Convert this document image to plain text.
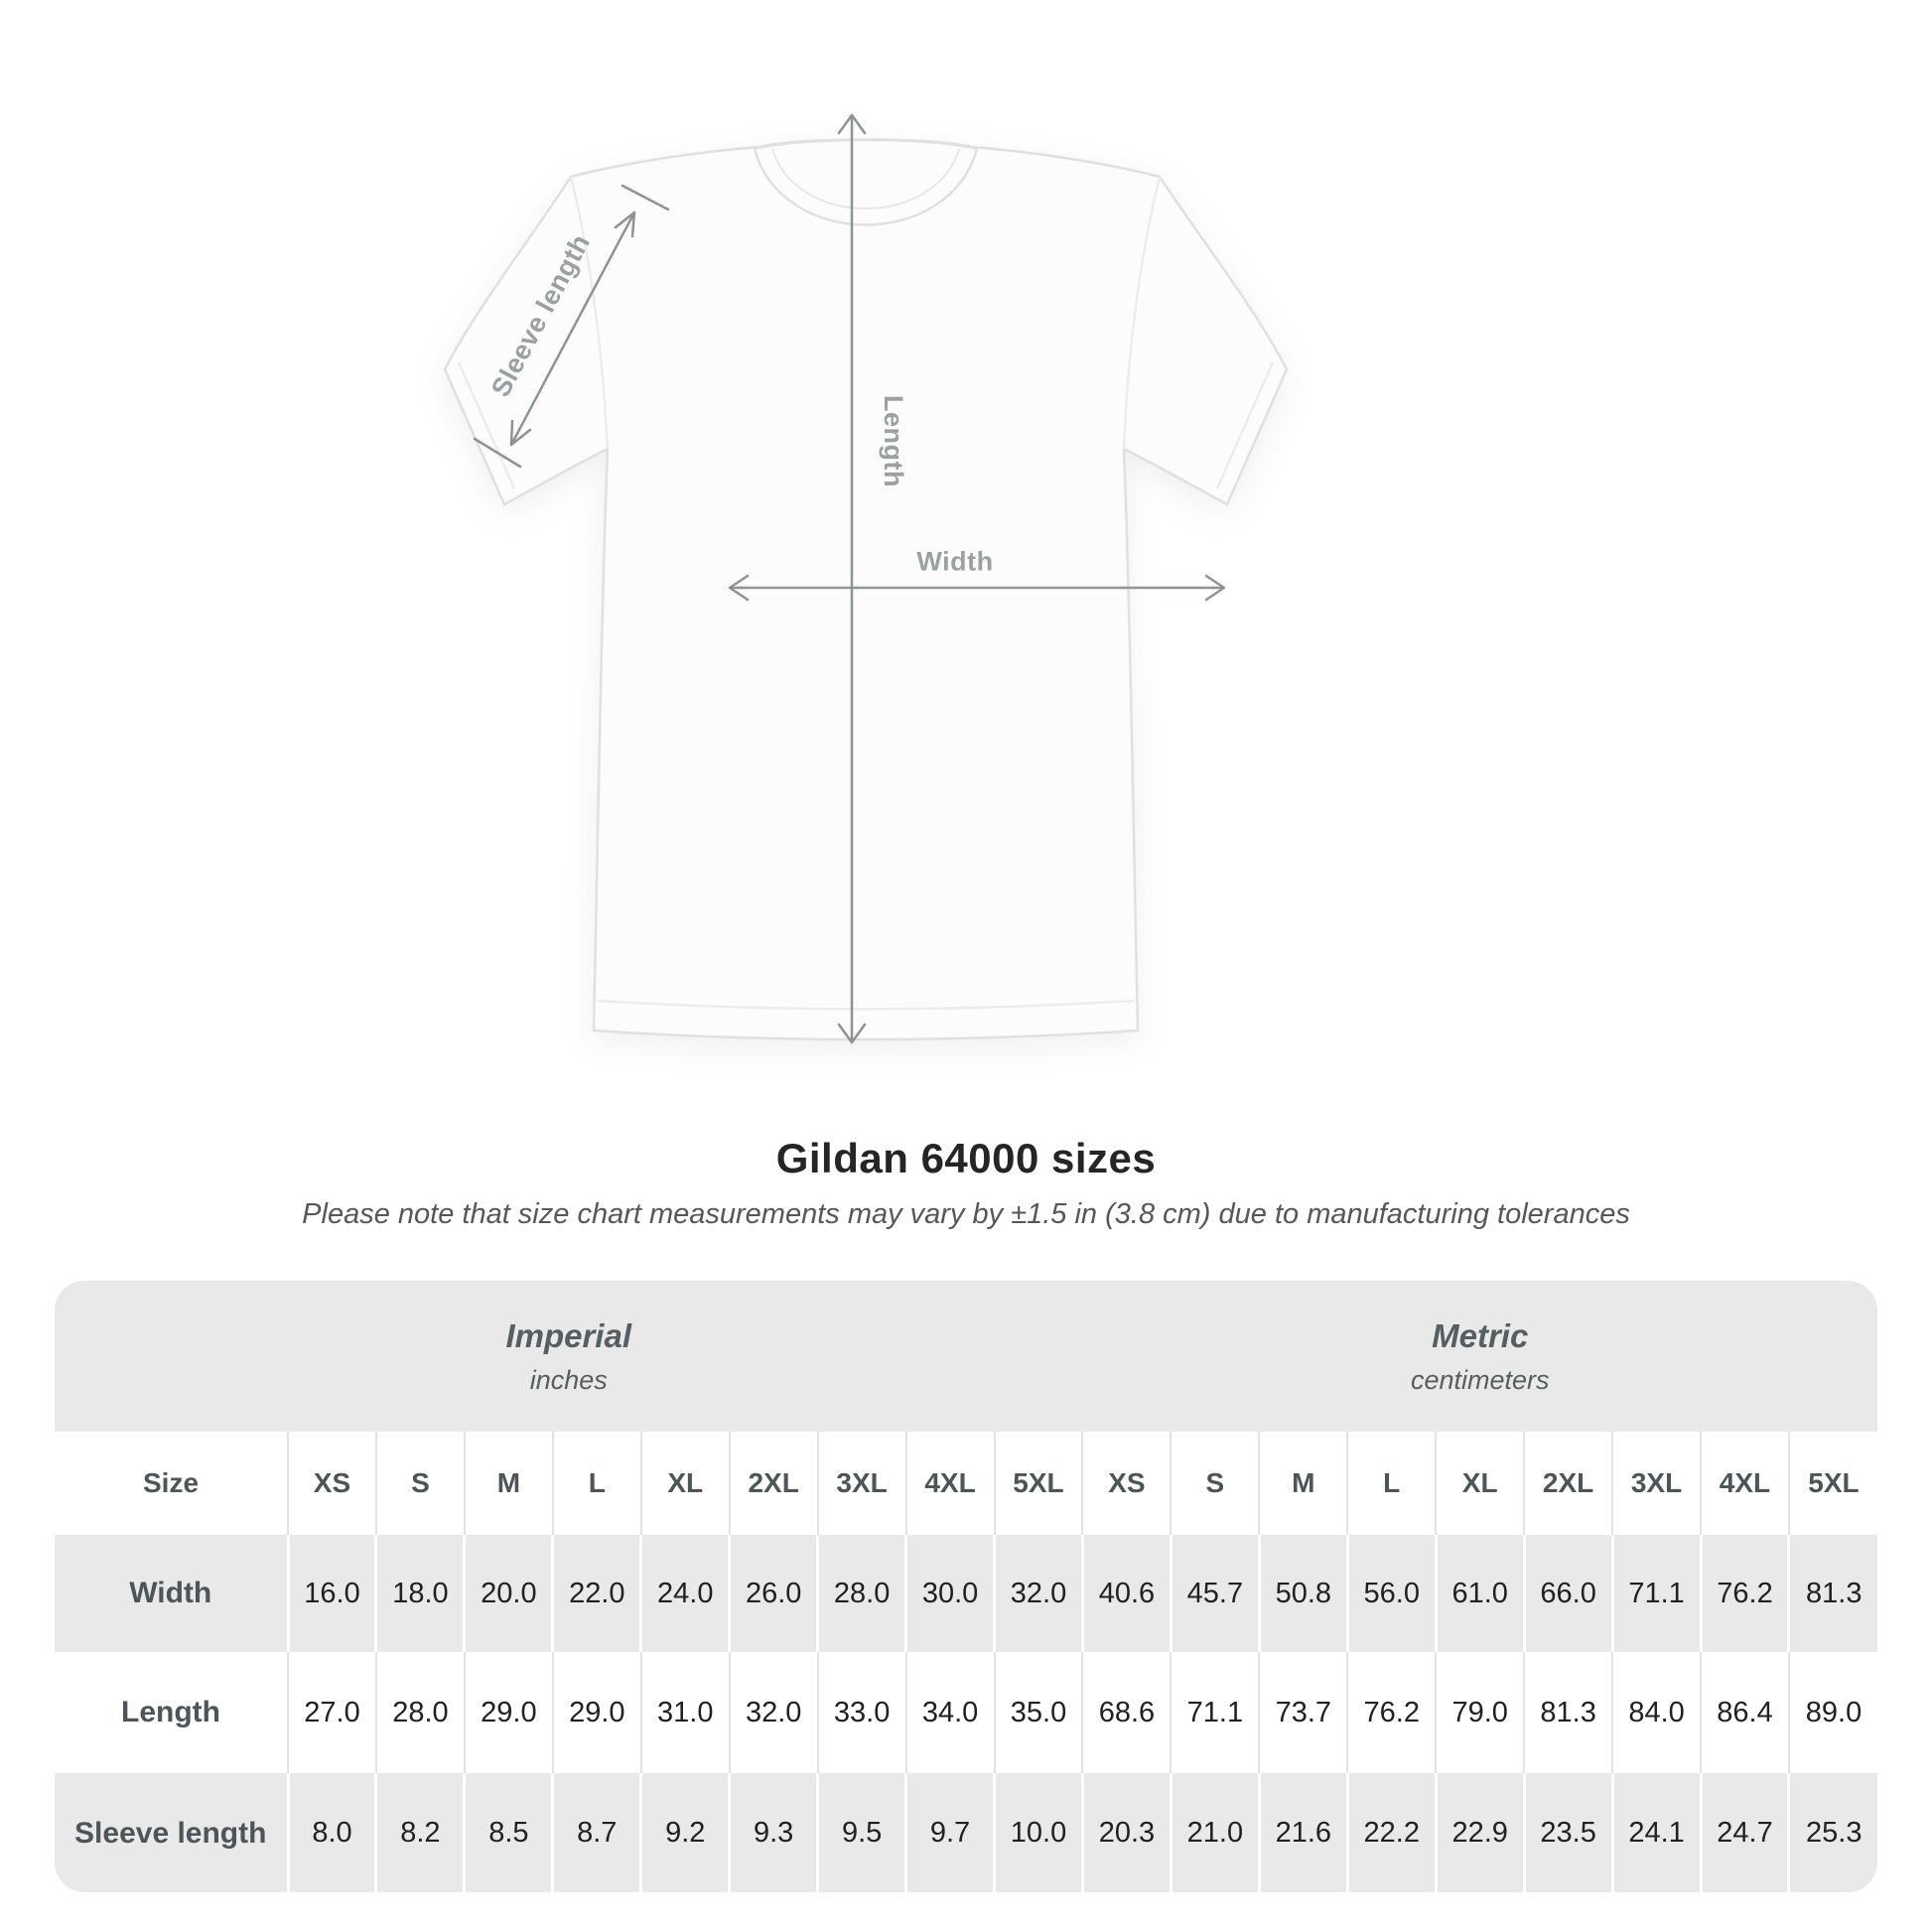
Sleeve length
Length
Width
Gildan 64000 sizes
Please note that size chart measurements may vary by ±1.5 in (3.8 cm) due to manufacturing tolerances
Imperial
inches

Metric
centimeters

Size	XS	S	M	L	XL	2XL	3XL	4XL	5XL	XS	S	M	L	XL	2XL	3XL	4XL	5XL
Width	16.0	18.0	20.0	22.0	24.0	26.0	28.0	30.0	32.0	40.6	45.7	50.8	56.0	61.0	66.0	71.1	76.2	81.3
Length	27.0	28.0	29.0	29.0	31.0	32.0	33.0	34.0	35.0	68.6	71.1	73.7	76.2	79.0	81.3	84.0	86.4	89.0
Sleeve length	8.0	8.2	8.5	8.7	9.2	9.3	9.5	9.7	10.0	20.3	21.0	21.6	22.2	22.9	23.5	24.1	24.7	25.3
